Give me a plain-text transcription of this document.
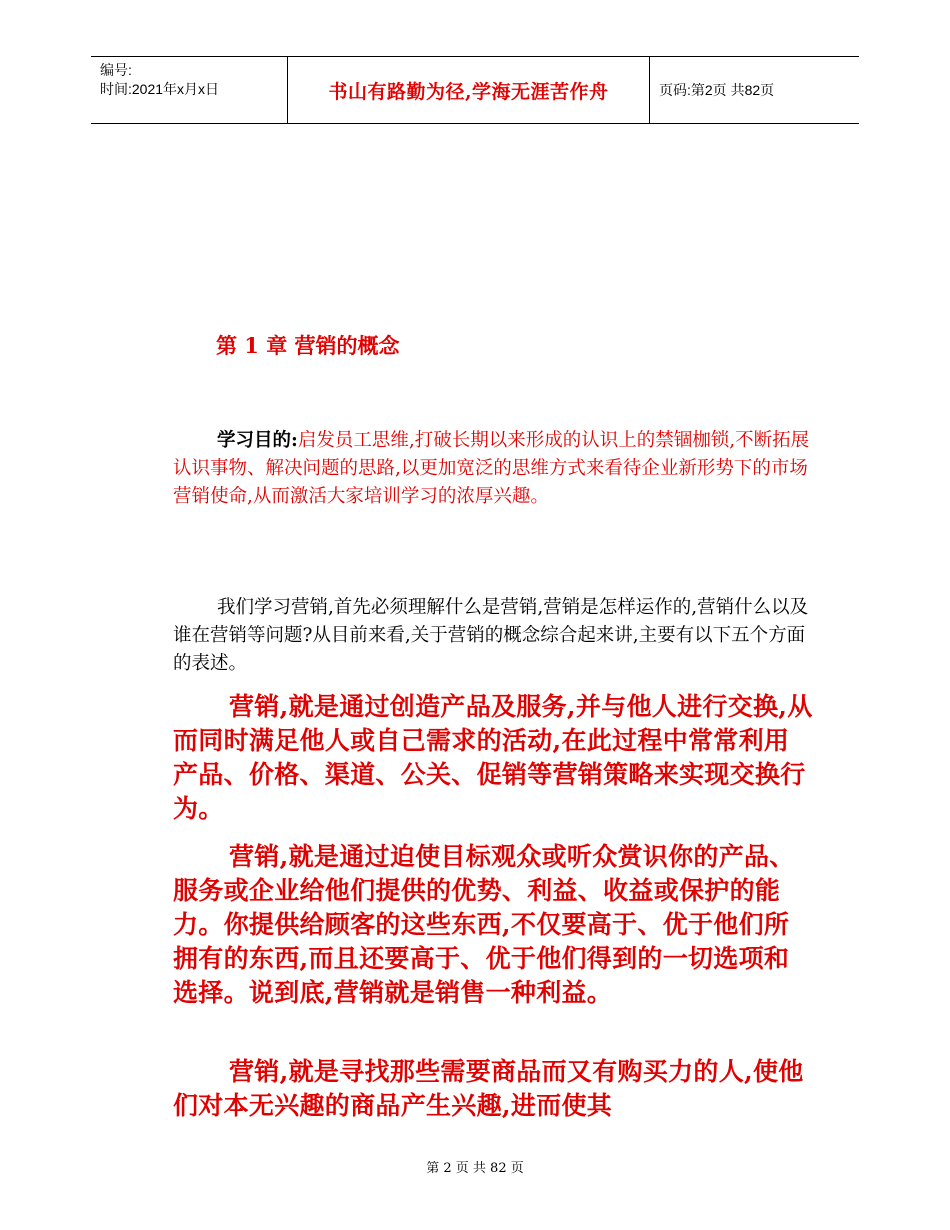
编号:
时间:2021年x月x日	书山有路勤为径,学海无涯苦作舟	页码:第2页 共82页
第 1 章 营销的概念

学习目的:启发员工思维,打破长期以来形成的认识上的禁锢枷锁,不断拓展认识事物、解决问题的思路,以更加宽泛的思维方式来看待企业新形势下的市场营销使命,从而激活大家培训学习的浓厚兴趣。

我们学习营销,首先必须理解什么是营销,营销是怎样运作的,营销什么以及谁在营销等问题?从目前来看,关于营销的概念综合起来讲,主要有以下五个方面的表述。

营销,就是通过创造产品及服务,并与他人进行交换,从而同时满足他人或自己需求的活动,在此过程中常常利用产品、价格、渠道、公关、促销等营销策略来实现交换行为。

营销,就是通过迫使目标观众或听众赏识你的产品、服务或企业给他们提供的优势、利益、收益或保护的能力。你提供给顾客的这些东西,不仅要高于、优于他们所拥有的东西,而且还要高于、优于他们得到的一切选项和选择。说到底,营销就是销售一种利益。

营销,就是寻找那些需要商品而又有购买力的人,使他们对本无兴趣的商品产生兴趣,进而使其

第 2 页 共 82 页
